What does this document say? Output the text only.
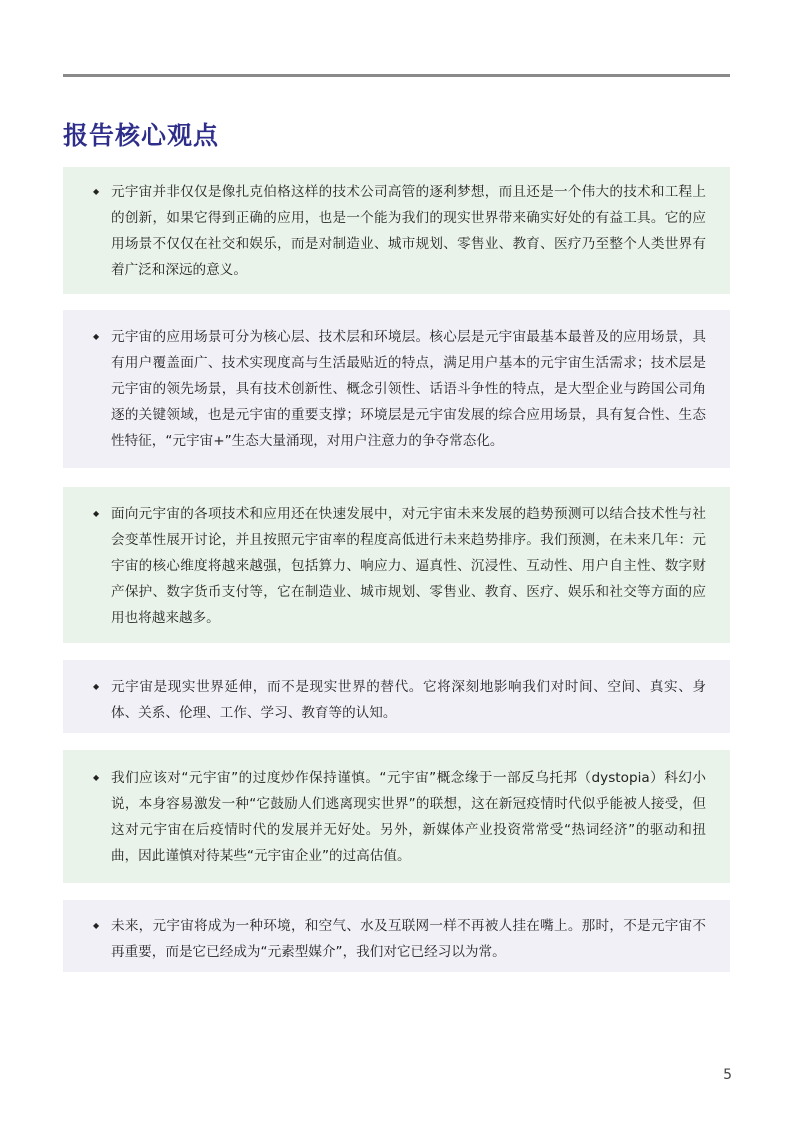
报告核心观点
◆ 元宇宙并非仅仅是像扎克伯格这样的技术公司高管的逐利梦想，而且还是一个伟大的技术和工程上的创新，如果它得到正确的应用，也是一个能为我们的现实世界带来确实好处的有益工具。它的应用场景不仅仅在社交和娱乐，而是对制造业、城市规划、零售业、教育、医疗乃至整个人类世界有着广泛和深远的意义。
◆ 元宇宙的应用场景可分为核心层、技术层和环境层。核心层是元宇宙最基本最普及的应用场景，具有用户覆盖面广、技术实现度高与生活最贴近的特点，满足用户基本的元宇宙生活需求；技术层是元宇宙的领先场景，具有技术创新性、概念引领性、话语斗争性的特点，是大型企业与跨国公司角逐的关键领域，也是元宇宙的重要支撑；环境层是元宇宙发展的综合应用场景，具有复合性、生态性特征，“元宇宙+”生态大量涌现，对用户注意力的争夺常态化。
◆ 面向元宇宙的各项技术和应用还在快速发展中，对元宇宙未来发展的趋势预测可以结合技术性与社会变革性展开讨论，并且按照元宇宙率的程度高低进行未来趋势排序。我们预测，在未来几年：元宇宙的核心维度将越来越强，包括算力、响应力、逼真性、沉浸性、互动性、用户自主性、数字财产保护、数字货币支付等，它在制造业、城市规划、零售业、教育、医疗、娱乐和社交等方面的应用也将越来越多。
◆ 元宇宙是现实世界延伸，而不是现实世界的替代。它将深刻地影响我们对时间、空间、真实、身体、关系、伦理、工作、学习、教育等的认知。
◆ 我们应该对“元宇宙”的过度炒作保持谨慎。“元宇宙”概念缘于一部反乌托邦（dystopia）科幻小说，本身容易激发一种“它鼓励人们逃离现实世界”的联想，这在新冠疫情时代似乎能被人接受，但这对元宇宙在后疫情时代的发展并无好处。另外，新媒体产业投资常常受“热词经济”的驱动和扭曲，因此谨慎对待某些“元宇宙企业”的过高估值。
◆ 未来，元宇宙将成为一种环境，和空气、水及互联网一样不再被人挂在嘴上。那时，不是元宇宙不再重要，而是它已经成为“元素型媒介”，我们对它已经习以为常。
5
